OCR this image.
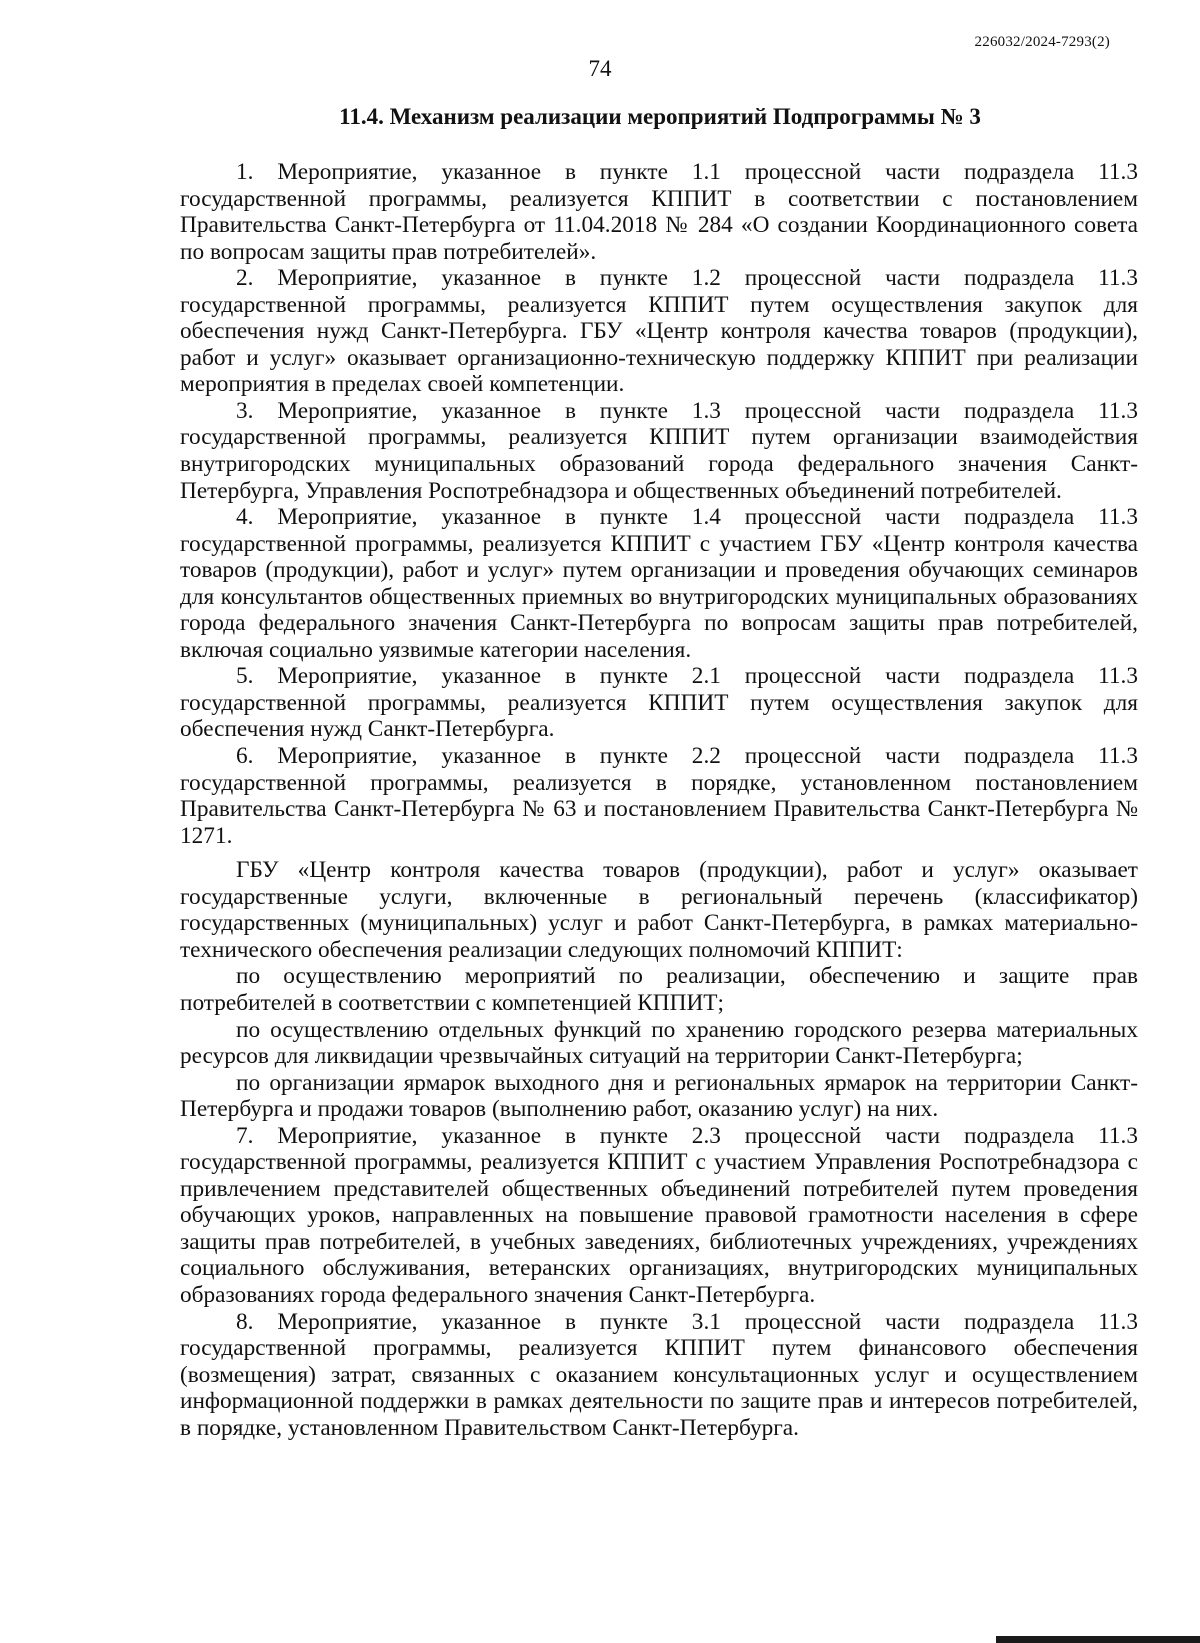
226032/2024-7293(2)
74
11.4. Механизм реализации мероприятий Подпрограммы № 3

1. Мероприятие, указанное в пункте 1.1 процессной части подраздела 11.3 государственной программы, реализуется КППИТ в соответствии с постановлением Правительства Санкт-Петербурга от 11.04.2018 № 284 «О создании Координационного совета по вопросам защиты прав потребителей».

2. Мероприятие, указанное в пункте 1.2 процессной части подраздела 11.3 государственной программы, реализуется КППИТ путем осуществления закупок для обеспечения нужд Санкт-Петербурга. ГБУ «Центр контроля качества товаров (продукции), работ и услуг» оказывает организационно-техническую поддержку КППИТ при реализации мероприятия в пределах своей компетенции.

3. Мероприятие, указанное в пункте 1.3 процессной части подраздела 11.3 государственной программы, реализуется КППИТ путем организации взаимодействия внутригородских муниципальных образований города федерального значения Санкт-Петербурга, Управления Роспотребнадзора и общественных объединений потребителей.

4. Мероприятие, указанное в пункте 1.4 процессной части подраздела 11.3 государственной программы, реализуется КППИТ с участием ГБУ «Центр контроля качества товаров (продукции), работ и услуг» путем организации и проведения обучающих семинаров для консультантов общественных приемных во внутригородских муниципальных образованиях города федерального значения Санкт-Петербурга по вопросам защиты прав потребителей, включая социально уязвимые категории населения.

5. Мероприятие, указанное в пункте 2.1 процессной части подраздела 11.3 государственной программы, реализуется КППИТ путем осуществления закупок для обеспечения нужд Санкт-Петербурга.

6. Мероприятие, указанное в пункте 2.2 процессной части подраздела 11.3 государственной программы, реализуется в порядке, установленном постановлением Правительства Санкт-Петербурга № 63 и постановлением Правительства Санкт-Петербурга № 1271.

ГБУ «Центр контроля качества товаров (продукции), работ и услуг» оказывает государственные услуги, включенные в региональный перечень (классификатор) государственных (муниципальных) услуг и работ Санкт-Петербурга, в рамках материально-технического обеспечения реализации следующих полномочий КППИТ:

по осуществлению мероприятий по реализации, обеспечению и защите прав потребителей в соответствии с компетенцией КППИТ;

по осуществлению отдельных функций по хранению городского резерва материальных ресурсов для ликвидации чрезвычайных ситуаций на территории Санкт-Петербурга;

по организации ярмарок выходного дня и региональных ярмарок на территории Санкт-Петербурга и продажи товаров (выполнению работ, оказанию услуг) на них.

7. Мероприятие, указанное в пункте 2.3 процессной части подраздела 11.3 государственной программы, реализуется КППИТ с участием Управления Роспотребнадзора с привлечением представителей общественных объединений потребителей путем проведения обучающих уроков, направленных на повышение правовой грамотности населения в сфере защиты прав потребителей, в учебных заведениях, библиотечных учреждениях, учреждениях социального обслуживания, ветеранских организациях, внутригородских муниципальных образованиях города федерального значения Санкт-Петербурга.

8. Мероприятие, указанное в пункте 3.1 процессной части подраздела 11.3 государственной программы, реализуется КППИТ путем финансового обеспечения (возмещения) затрат, связанных с оказанием консультационных услуг и осуществлением информационной поддержки в рамках деятельности по защите прав и интересов потребителей, в порядке, установленном Правительством Санкт-Петербурга.
